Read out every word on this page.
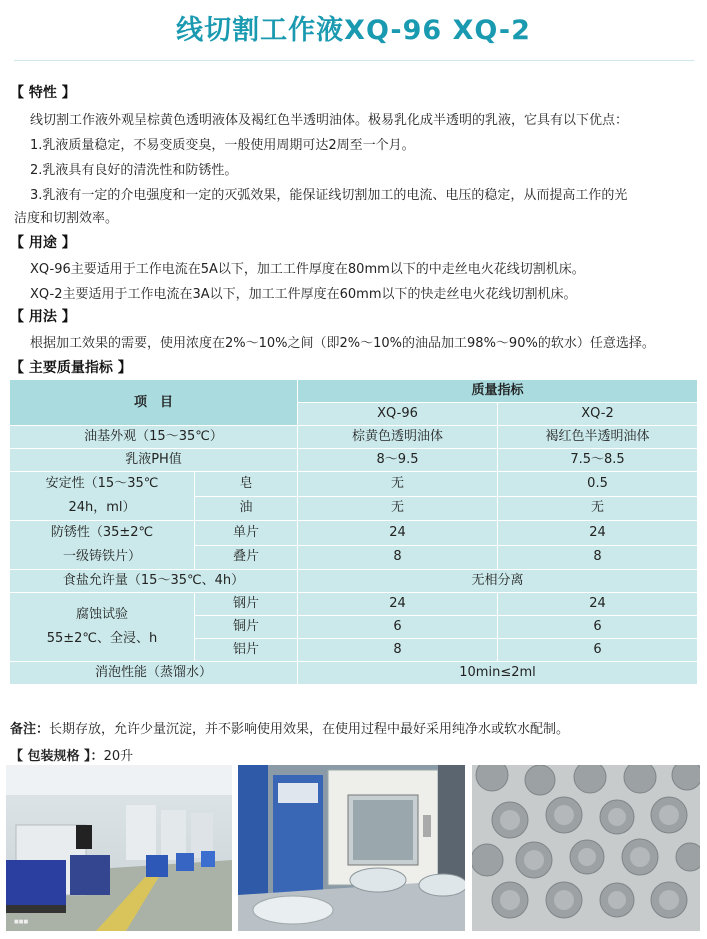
线切割工作液XQ-96 XQ-2
【 特性 】
线切割工作液外观呈棕黄色透明液体及褐红色半透明油体。极易乳化成半透明的乳液，它具有以下优点：
1.乳液质量稳定，不易变质变臭，一般使用周期可达2周至一个月。
2.乳液具有良好的清洗性和防锈性。
3.乳液有一定的介电强度和一定的灭弧效果，能保证线切割加工的电流、电压的稳定，从而提高工作的光
洁度和切割效率。
【 用途 】
XQ-96主要适用于工作电流在5A以下，加工工件厚度在80mm以下的中走丝电火花线切割机床。
XQ-2主要适用于工作电流在3A以下，加工工件厚度在60mm以下的快走丝电火花线切割机床。
【 用法 】
根据加工效果的需要，使用浓度在2%～10%之间（即2%～10%的油品加工98%～90%的软水）任意选择。
【 主要质量指标 】
项　目		质量指标	
		XQ-96	XQ-2
油基外观（15～35℃）		棕黄色透明油体	褐红色半透明油体
乳液PH值		8～9.5	7.5～8.5
安定性（15～35℃
24h，ml）	皂	无	0.5
	油	无	无
防锈性（35±2℃
一级铸铁片）	单片	24	24
	叠片	8	8
食盐允许量（15～35℃、4h）		无相分离	
腐蚀试验
55±2℃、全浸、h	钢片	24	24
	铜片	6	6
	铝片	8	6
消泡性能（蒸馏水）		10min≤2ml	
备注：长期存放，允许少量沉淀，并不影响使用效果，在使用过程中最好采用纯净水或软水配制。
【 包装规格 】：20升
■■■
